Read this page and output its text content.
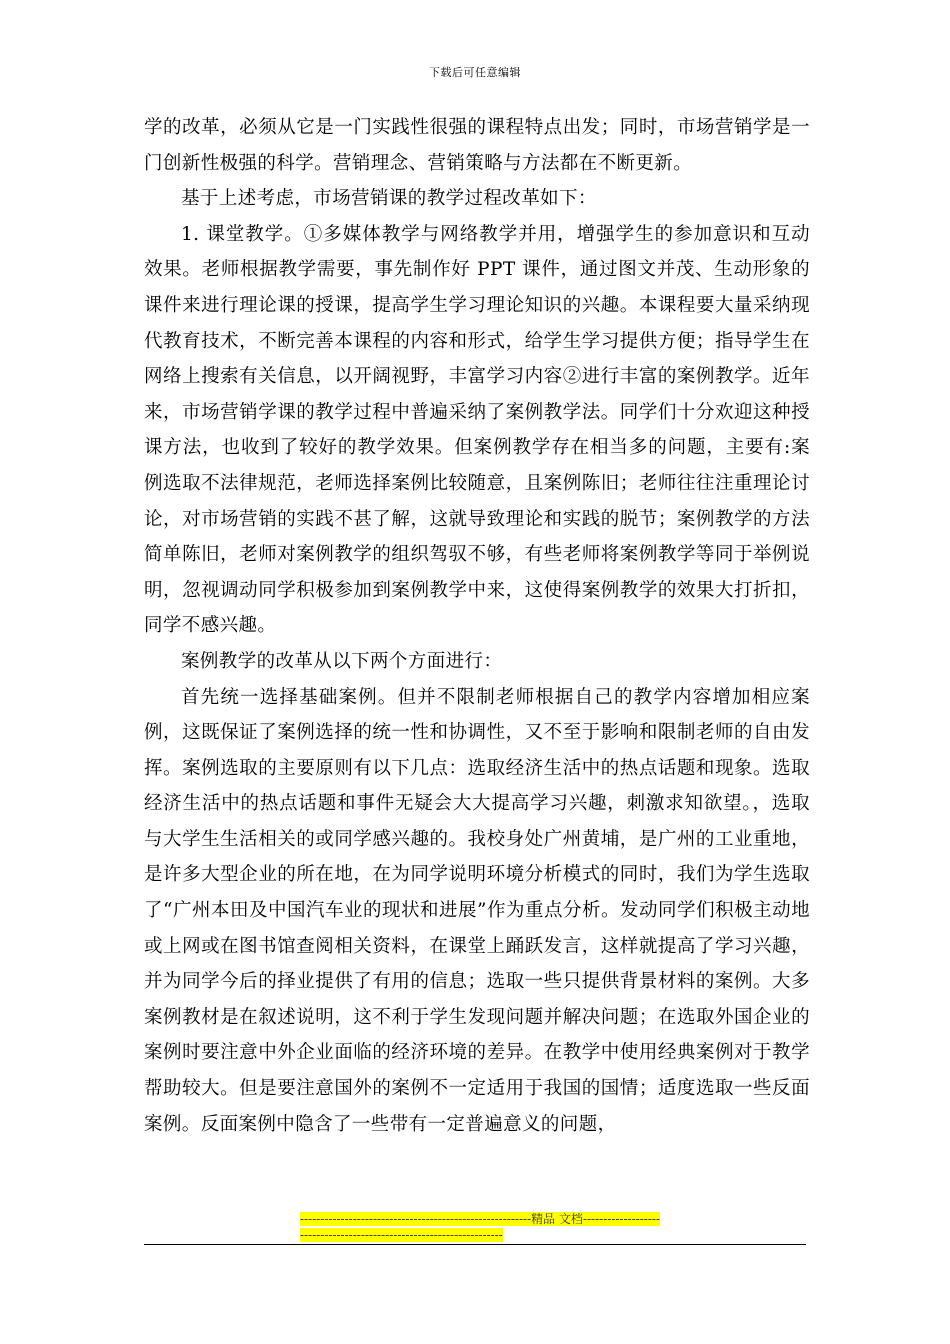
下载后可任意编辑

学的改革，必须从它是一门实践性很强的课程特点出发；同时，市场营销学是一门创新性极强的科学。营销理念、营销策略与方法都在不断更新。

基于上述考虑，市场营销课的教学过程改革如下：

1. 课堂教学。①多媒体教学与网络教学并用，增强学生的参加意识和互动效果。老师根据教学需要，事先制作好 PPT 课件，通过图文并茂、生动形象的课件来进行理论课的授课，提高学生学习理论知识的兴趣。本课程要大量采纳现代教育技术，不断完善本课程的内容和形式，给学生学习提供方便；指导学生在网络上搜索有关信息，以开阔视野，丰富学习内容②进行丰富的案例教学。近年来，市场营销学课的教学过程中普遍采纳了案例教学法。同学们十分欢迎这种授课方法，也收到了较好的教学效果。但案例教学存在相当多的问题，主要有:案例选取不法律规范，老师选择案例比较随意，且案例陈旧；老师往往注重理论讨论，对市场营销的实践不甚了解，这就导致理论和实践的脱节；案例教学的方法简单陈旧，老师对案例教学的组织驾驭不够，有些老师将案例教学等同于举例说明，忽视调动同学积极参加到案例教学中来，这使得案例教学的效果大打折扣，同学不感兴趣。

案例教学的改革从以下两个方面进行：

首先统一选择基础案例。但并不限制老师根据自己的教学内容增加相应案例，这既保证了案例选择的统一性和协调性，又不至于影响和限制老师的自由发挥。案例选取的主要原则有以下几点：选取经济生活中的热点话题和现象。选取经济生活中的热点话题和事件无疑会大大提高学习兴趣，刺激求知欲望。，选取与大学生生活相关的或同学感兴趣的。我校身处广州黄埔，是广州的工业重地，是许多大型企业的所在地，在为同学说明环境分析模式的同时，我们为学生选取了“广州本田及中国汽车业的现状和进展”作为重点分析。发动同学们积极主动地或上网或在图书馆查阅相关资料，在课堂上踊跃发言，这样就提高了学习兴趣，并为同学今后的择业提供了有用的信息；选取一些只提供背景材料的案例。大多案例教材是在叙述说明，这不利于学生发现问题并解决问题；在选取外国企业的案例时要注意中外企业面临的经济环境的差异。在教学中使用经典案例对于教学帮助较大。但是要注意国外的案例不一定适用于我国的国情；适度选取一些反面案例。反面案例中隐含了一些带有一定普遍意义的问题，

---------------------------------------------------------精品 文档---------------------------------------------------------------------
